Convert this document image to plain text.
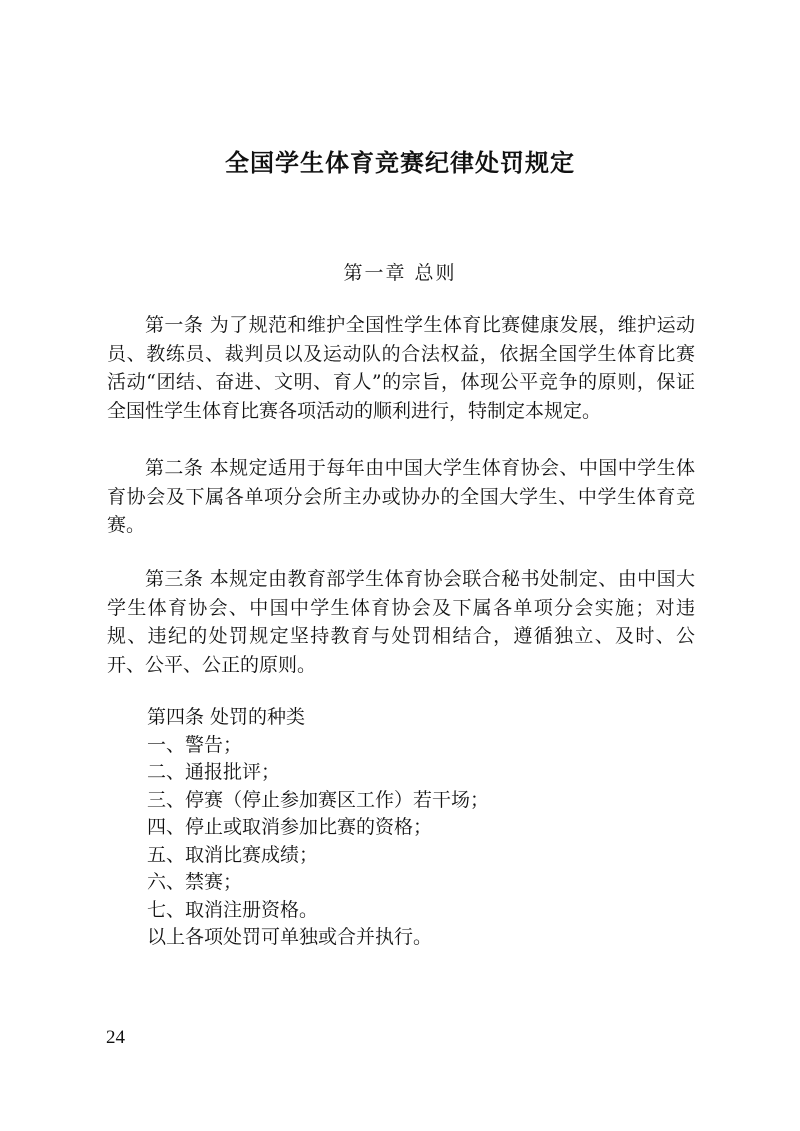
全国学生体育竞赛纪律处罚规定
第一章 总则

第一条 为了规范和维护全国性学生体育比赛健康发展，维护运动员、教练员、裁判员以及运动队的合法权益，依据全国学生体育比赛活动“团结、奋进、文明、育人”的宗旨，体现公平竞争的原则，保证全国性学生体育比赛各项活动的顺利进行，特制定本规定。

第二条 本规定适用于每年由中国大学生体育协会、中国中学生体育协会及下属各单项分会所主办或协办的全国大学生、中学生体育竞赛。

第三条 本规定由教育部学生体育协会联合秘书处制定、由中国大学生体育协会、中国中学生体育协会及下属各单项分会实施；对违规、违纪的处罚规定坚持教育与处罚相结合，遵循独立、及时、公开、公平、公正的原则。

第四条 处罚的种类
一、警告；
二、通报批评；
三、停赛（停止参加赛区工作）若干场；
四、停止或取消参加比赛的资格；
五、取消比赛成绩；
六、禁赛；
七、取消注册资格。
以上各项处罚可单独或合并执行。
24
